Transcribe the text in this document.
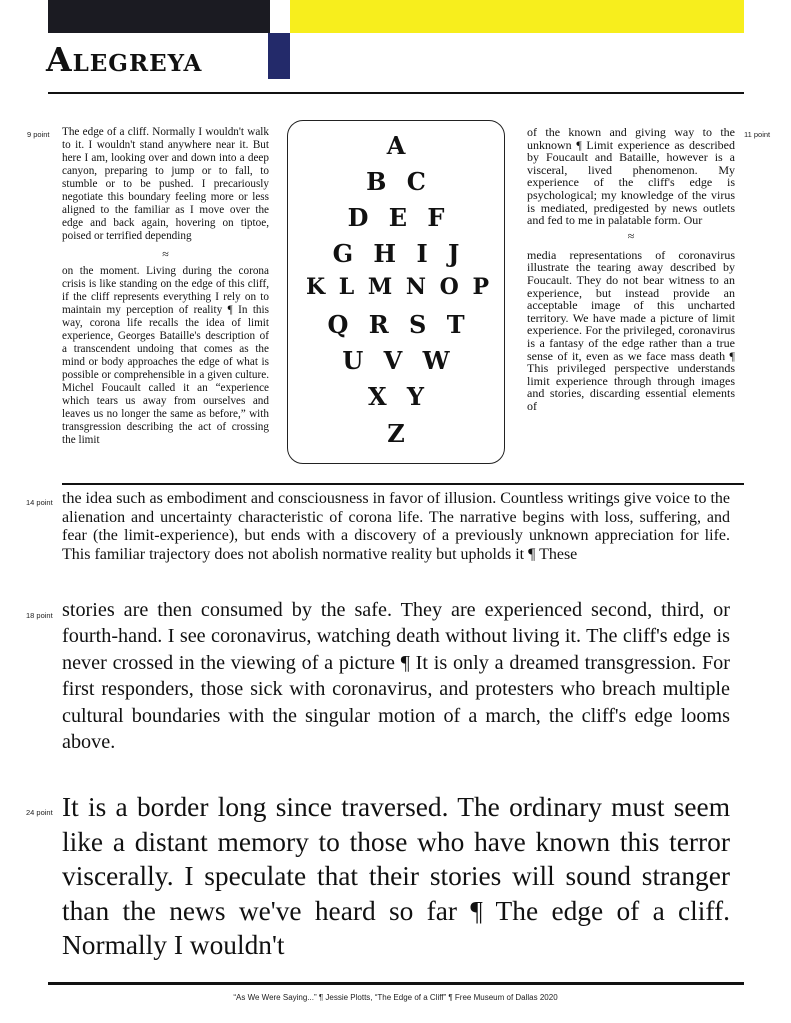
Alegreya
9 point	11 point
14 point
18 point
24 point

The edge of a cliff. Normally I wouldn't walk to it. I wouldn't stand anywhere near it. But here I am, looking over and down into a deep canyon, preparing to jump or to fall, to stumble or to be pushed. I precariously negotiate this boundary feeling more or less aligned to the familiar as I move over the edge and back again, hovering on tiptoe, poised or terrified depending

≈

on the moment. Living during the corona crisis is like standing on the edge of this cliff, if the cliff represents everything I rely on to maintain my perception of reality ¶ In this way, corona life recalls the idea of limit experience, Georges Bataille's description of a transcendent undoing that comes as the mind or body approaches the edge of what is possible or comprehensible in a given culture. Michel Foucault called it an “experience which tears us away from ourselves and leaves us no longer the same as before,” with transgression describing the act of crossing the limit

A
B C
D E F
G H I J
K L M N O P
Q R S T
U V W
X Y
Z

of the known and giving way to the unknown ¶ Limit experience as described by Foucault and Bataille, however is a visceral, lived phenomenon. My experience of the cliff's edge is psychological; my knowledge of the virus is mediated, predigested by news outlets and fed to me in palatable form. Our

≈

media representations of coronavirus illustrate the tearing away described by Foucault. They do not bear witness to an experience, but instead provide an acceptable image of this uncharted territory. We have made a picture of limit experience. For the privileged, coronavirus is a fantasy of the edge rather than a true sense of it, even as we face mass death ¶ This privileged perspective understands limit experience through through images and stories, discarding essential elements of

the idea such as embodiment and consciousness in favor of illusion. Countless writings give voice to the alienation and uncertainty characteristic of corona life. The narrative begins with loss, suffering, and fear (the limit-experience), but ends with a discovery of a previously unknown appreciation for life. This familiar trajectory does not abolish normative reality but upholds it ¶ These
stories are then consumed by the safe. They are experienced second, third, or fourth-hand. I see coronavirus, watching death without living it. The cliff's edge is never crossed in the viewing of a picture ¶ It is only a dreamed transgression. For first responders, those sick with coronavirus, and protesters who breach multiple cultural boundaries with the singular motion of a march, the cliff's edge looms above.
It is a border long since traversed. The ordinary must seem like a distant memory to those who have known this terror viscerally. I speculate that their stories will sound stranger than the news we've heard so far ¶ The edge of a cliff. Normally I wouldn't
“As We Were Saying...” ¶ Jessie Plotts, “The Edge of a Cliff” ¶ Free Museum of Dallas 2020
